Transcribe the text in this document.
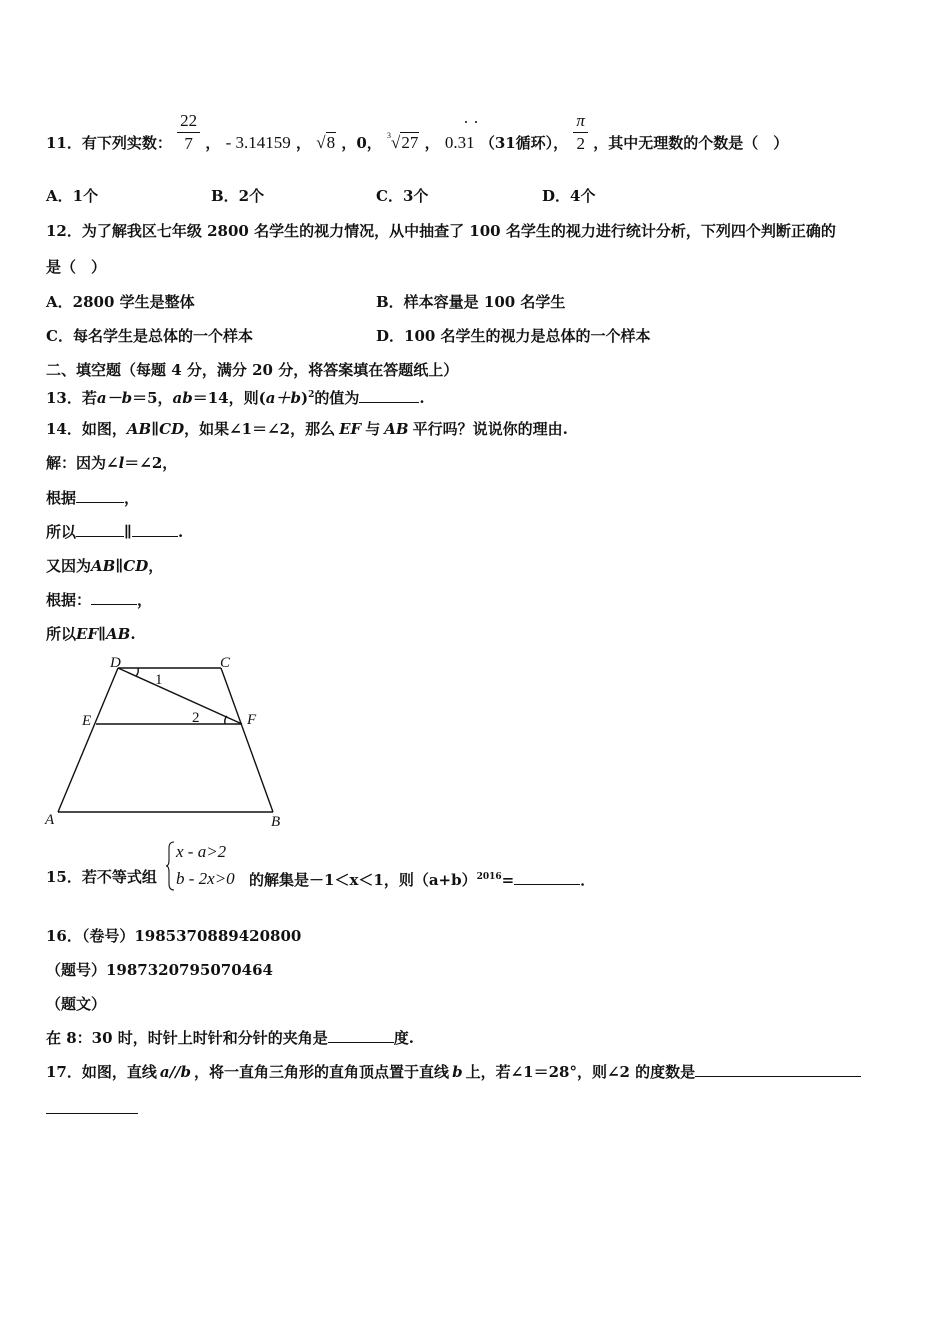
11．有下列实数： $\frac{22}{7}$ ， - 3.14159 ， √8 ，0， $^3$√27 ， 0.31 （31循环）， $\frac{\pi}{2}$ ，其中无理数的个数是（　）
A．1个	B．2个	C．3个	D．4个
12．为了解我区七年级 2800 名学生的视力情况，从中抽查了 100 名学生的视力进行统计分析，下列四个判断正确的
是（　）
A．2800 学生是整体	B．样本容量是 100 名学生
C．每名学生是总体的一个样本	D．100 名学生的视力是总体的一个样本
二、填空题（每题 4 分，满分 20 分，将答案填在答题纸上）
13．若a－b＝5，ab＝14，则$(a+b)^2$的值为	.
14．如图，AB∥CD，如果∠1＝∠2，那么 EF 与 AB 平行吗？说说你的理由.
解：因为∠l＝∠2，
根据	，
所以	∥	.
又因为AB∥CD，
根据：	，
所以EF∥AB.
D	C
E	F
A	B
1
2
15．若不等式组
x - a>2
b - 2x>0 的解集是－1＜x＜1，则$(a+b)^{2016}=$	．
16．（卷号）1985370889420800
（题号）1987320795070464
（题文）
在 8：30 时，时针上时针和分针的夹角是	度.
17．如图，直线 a//b ，将一直角三角形的直角顶点置于直线 b 上，若∠1＝28°，则∠2 的度数是
